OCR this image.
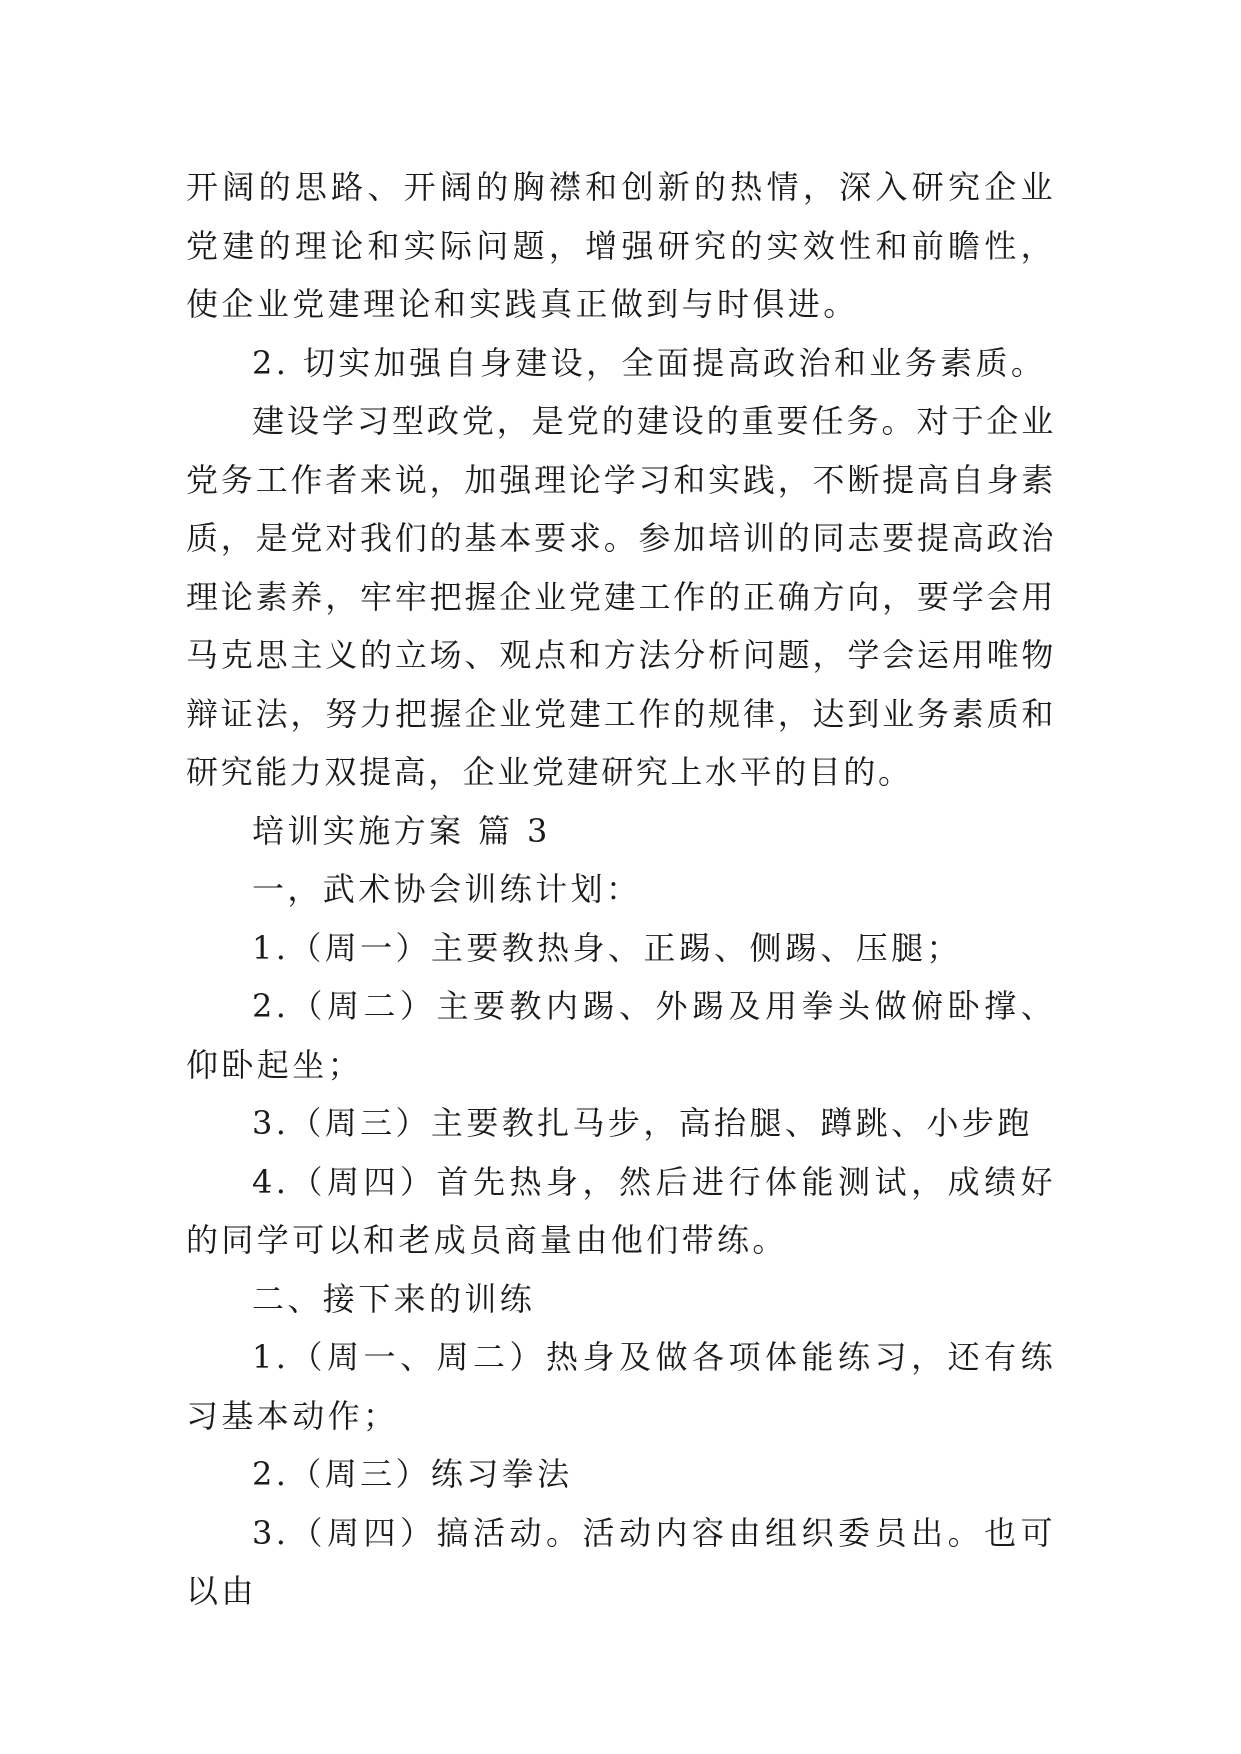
开阔的思路、开阔的胸襟和创新的热情，深入研究企业党建的理论和实际问题，增强研究的实效性和前瞻性，使企业党建理论和实践真正做到与时俱进。

2. 切实加强自身建设，全面提高政治和业务素质。

建设学习型政党，是党的建设的重要任务。对于企业党务工作者来说，加强理论学习和实践，不断提高自身素质，是党对我们的基本要求。参加培训的同志要提高政治理论素养，牢牢把握企业党建工作的正确方向，要学会用马克思主义的立场、观点和方法分析问题，学会运用唯物辩证法，努力把握企业党建工作的规律，达到业务素质和研究能力双提高，企业党建研究上水平的目的。

培训实施方案 篇 3

一，武术协会训练计划：

1.（周一）主要教热身、正踢、侧踢、压腿；

2.（周二）主要教内踢、外踢及用拳头做俯卧撑、仰卧起坐；

3.（周三）主要教扎马步，高抬腿、蹲跳、小步跑

4.（周四）首先热身，然后进行体能测试，成绩好的同学可以和老成员商量由他们带练。

二、接下来的训练

1.（周一、周二）热身及做各项体能练习，还有练习基本动作；

2.（周三）练习拳法

3.（周四）搞活动。活动内容由组织委员出。也可以由
